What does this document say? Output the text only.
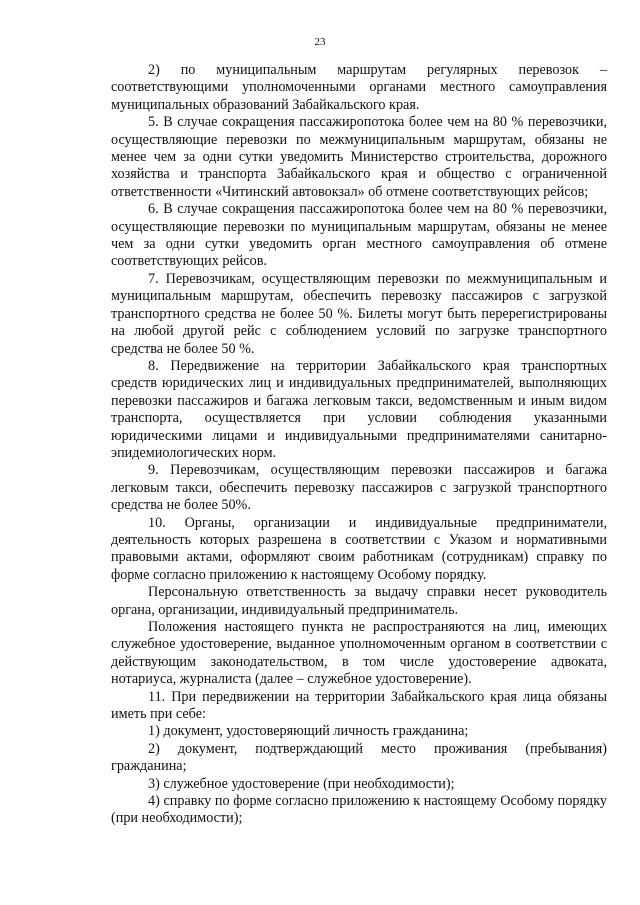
23

2) по муниципальным маршрутам регулярных перевозок – соответствующими уполномоченными органами местного самоуправления муниципальных образований Забайкальского края.

5. В случае сокращения пассажиропотока более чем на 80 % перевозчики, осуществляющие перевозки по межмуниципальным маршрутам, обязаны не менее чем за одни сутки уведомить Министерство строительства, дорожного хозяйства и транспорта Забайкальского края и общество с ограниченной ответственности «Читинский автовокзал» об отмене соответствующих рейсов;

6. В случае сокращения пассажиропотока более чем на 80 % перевозчики, осуществляющие перевозки по муниципальным маршрутам, обязаны не менее чем за одни сутки уведомить орган местного самоуправления об отмене соответствующих рейсов.

7. Перевозчикам, осуществляющим перевозки по межмуниципальным и муниципальным маршрутам, обеспечить перевозку пассажиров с загрузкой транспортного средства не более 50 %. Билеты могут быть перерегистрированы на любой другой рейс с соблюдением условий по загрузке транспортного средства не более 50 %.

8. Передвижение на территории Забайкальского края транспортных средств юридических лиц и индивидуальных предпринимателей, выполняющих перевозки пассажиров и багажа легковым такси, ведомственным и иным видом транспорта, осуществляется при условии соблюдения указанными юридическими лицами и индивидуальными предпринимателями санитарно-эпидемиологических норм.

9. Перевозчикам, осуществляющим перевозки пассажиров и багажа легковым такси, обеспечить перевозку пассажиров с загрузкой транспортного средства не более 50%.

10. Органы, организации и индивидуальные предприниматели, деятельность которых разрешена в соответствии с Указом и нормативными правовыми актами, оформляют своим работникам (сотрудникам) справку по форме согласно приложению к настоящему Особому порядку.

Персональную ответственность за выдачу справки несет руководитель органа, организации, индивидуальный предприниматель.

Положения настоящего пункта не распространяются на лиц, имеющих служебное удостоверение, выданное уполномоченным органом в соответствии с действующим законодательством, в том числе удостоверение адвоката, нотариуса, журналиста (далее – служебное удостоверение).

11. При передвижении на территории Забайкальского края лица обязаны иметь при себе:

1) документ, удостоверяющий личность гражданина;

2) документ, подтверждающий место проживания (пребывания) гражданина;

3) служебное удостоверение (при необходимости);

4) справку по форме согласно приложению к настоящему Особому порядку (при необходимости);
